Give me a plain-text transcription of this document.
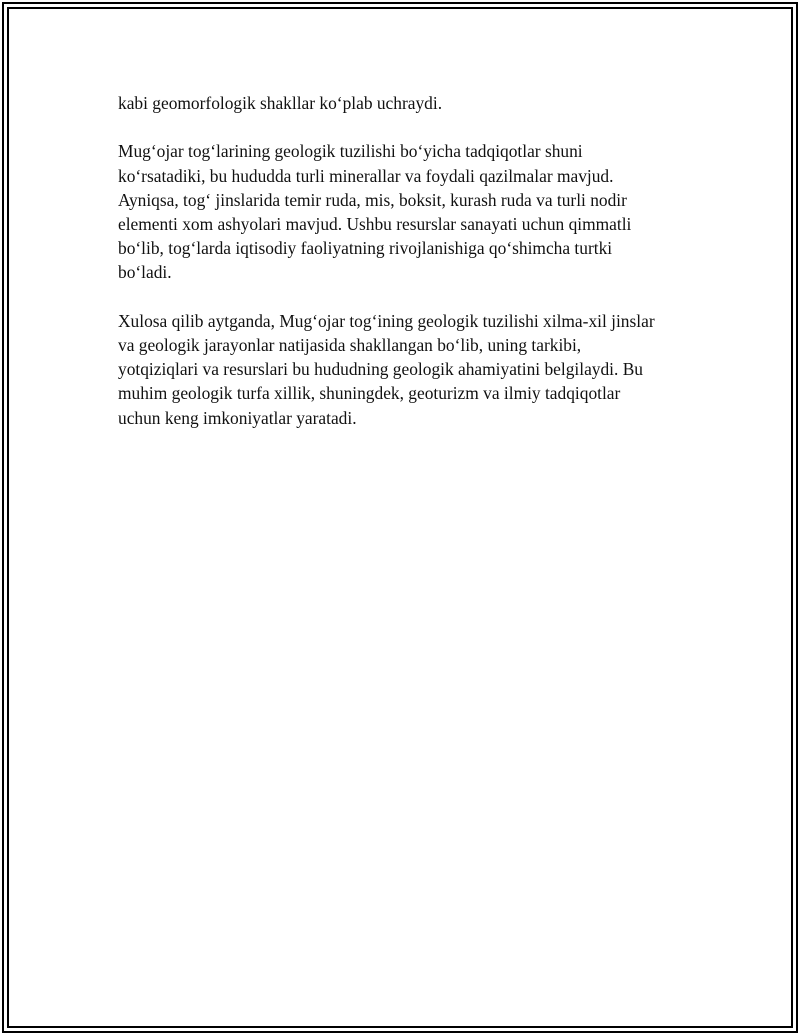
kabi geomorfologik shakllar ko‘plab uchraydi.

Mug‘ojar tog‘larining geologik tuzilishi bo‘yicha tadqiqotlar shuni
ko‘rsatadiki, bu hududda turli minerallar va foydali qazilmalar mavjud.
Ayniqsa, tog‘ jinslarida temir ruda, mis, boksit, kurash ruda va turli nodir
elementi xom ashyolari mavjud. Ushbu resurslar sanayati uchun qimmatli
bo‘lib, tog‘larda iqtisodiy faoliyatning rivojlanishiga qo‘shimcha turtki
bo‘ladi.

Xulosa qilib aytganda, Mug‘ojar tog‘ining geologik tuzilishi xilma-xil jinslar
va geologik jarayonlar natijasida shakllangan bo‘lib, uning tarkibi,
yotqiziqlari va resurslari bu hududning geologik ahamiyatini belgilaydi. Bu
muhim geologik turfa xillik, shuningdek, geoturizm va ilmiy tadqiqotlar
uchun keng imkoniyatlar yaratadi.
